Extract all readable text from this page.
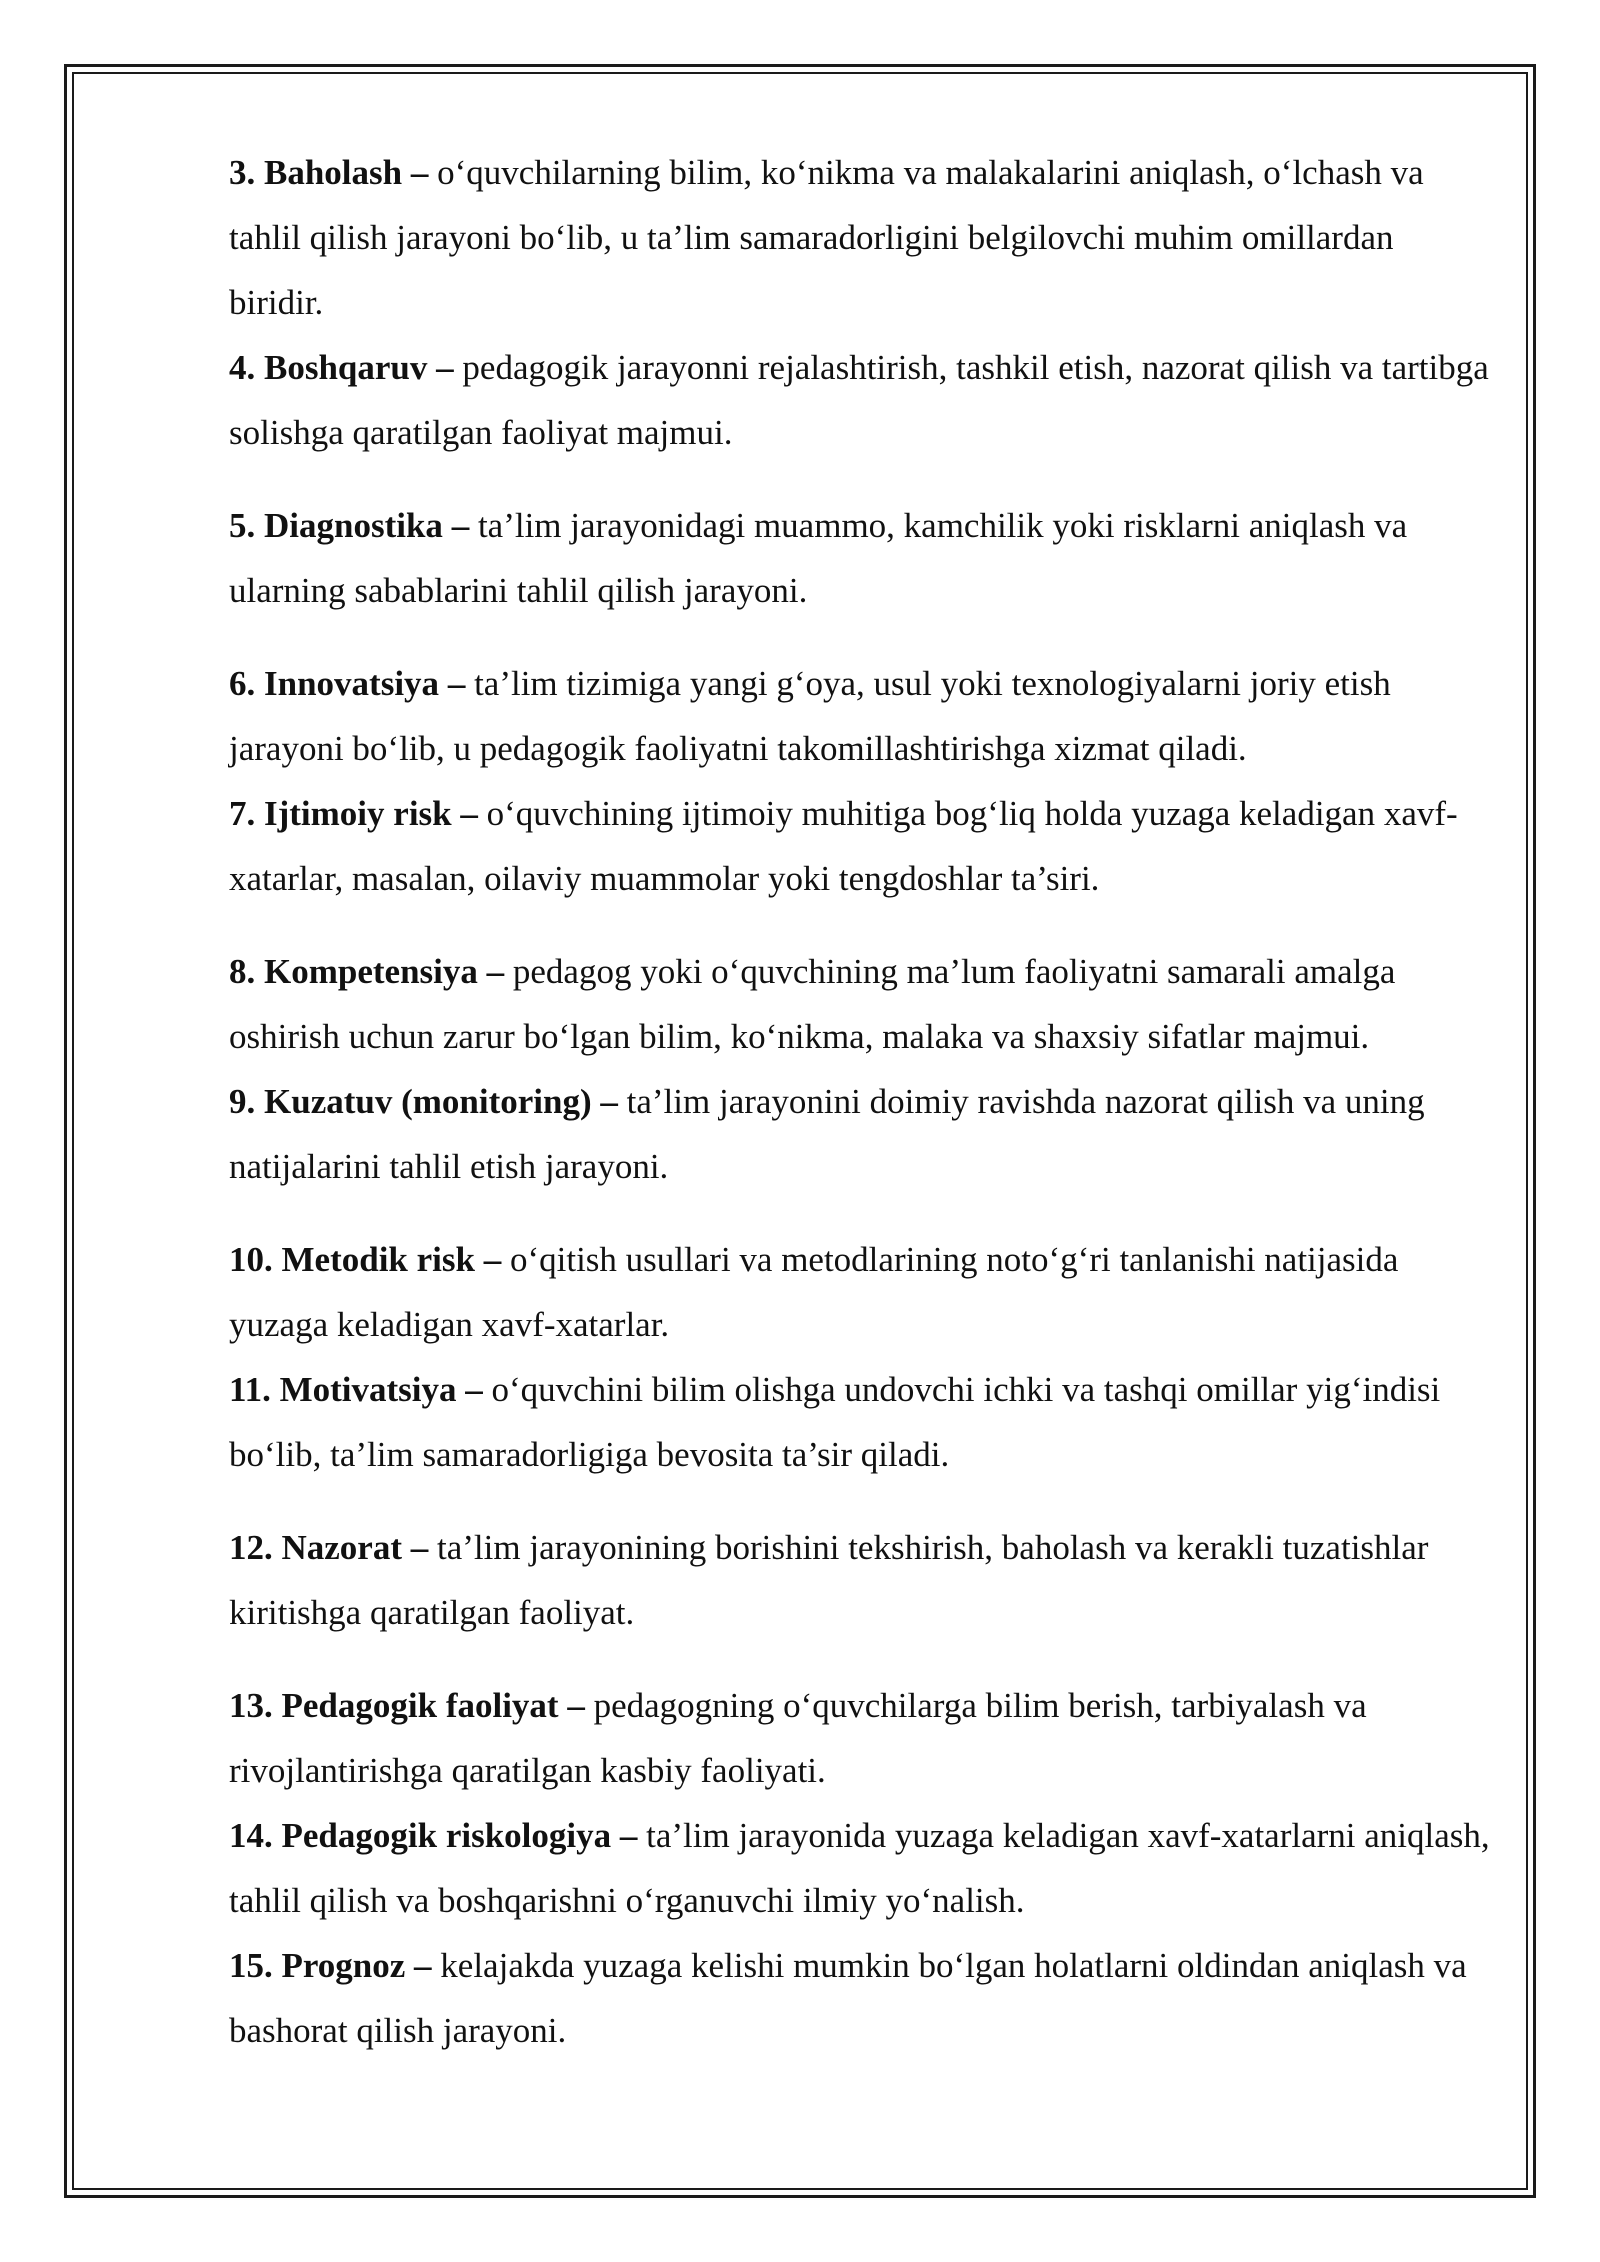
3. Baholash – o‘quvchilarning bilim, ko‘nikma va malakalarini aniqlash, o‘lchash va tahlil qilish jarayoni bo‘lib, u ta’lim samaradorligini belgilovchi muhim omillardan biridir.

4. Boshqaruv – pedagogik jarayonni rejalashtirish, tashkil etish, nazorat qilish va tartibga solishga qaratilgan faoliyat majmui.

5. Diagnostika – ta’lim jarayonidagi muammo, kamchilik yoki risklarni aniqlash va ularning sabablarini tahlil qilish jarayoni.

6. Innovatsiya – ta’lim tizimiga yangi g‘oya, usul yoki texnologiyalarni joriy etish jarayoni bo‘lib, u pedagogik faoliyatni takomillashtirishga xizmat qiladi.

7. Ijtimoiy risk – o‘quvchining ijtimoiy muhitiga bog‘liq holda yuzaga keladigan xavf-xatarlar, masalan, oilaviy muammolar yoki tengdoshlar ta’siri.

8. Kompetensiya – pedagog yoki o‘quvchining ma’lum faoliyatni samarali amalga oshirish uchun zarur bo‘lgan bilim, ko‘nikma, malaka va shaxsiy sifatlar majmui.

9. Kuzatuv (monitoring) – ta’lim jarayonini doimiy ravishda nazorat qilish va uning natijalarini tahlil etish jarayoni.

10. Metodik risk – o‘qitish usullari va metodlarining noto‘g‘ri tanlanishi natijasida yuzaga keladigan xavf-xatarlar.

11. Motivatsiya – o‘quvchini bilim olishga undovchi ichki va tashqi omillar yig‘indisi bo‘lib, ta’lim samaradorligiga bevosita ta’sir qiladi.

12. Nazorat – ta’lim jarayonining borishini tekshirish, baholash va kerakli tuzatishlar kiritishga qaratilgan faoliyat.

13. Pedagogik faoliyat – pedagogning o‘quvchilarga bilim berish, tarbiyalash va rivojlantirishga qaratilgan kasbiy faoliyati.

14. Pedagogik riskologiya – ta’lim jarayonida yuzaga keladigan xavf-xatarlarni aniqlash, tahlil qilish va boshqarishni o‘rganuvchi ilmiy yo‘nalish.

15. Prognoz – kelajakda yuzaga kelishi mumkin bo‘lgan holatlarni oldindan aniqlash va bashorat qilish jarayoni.
